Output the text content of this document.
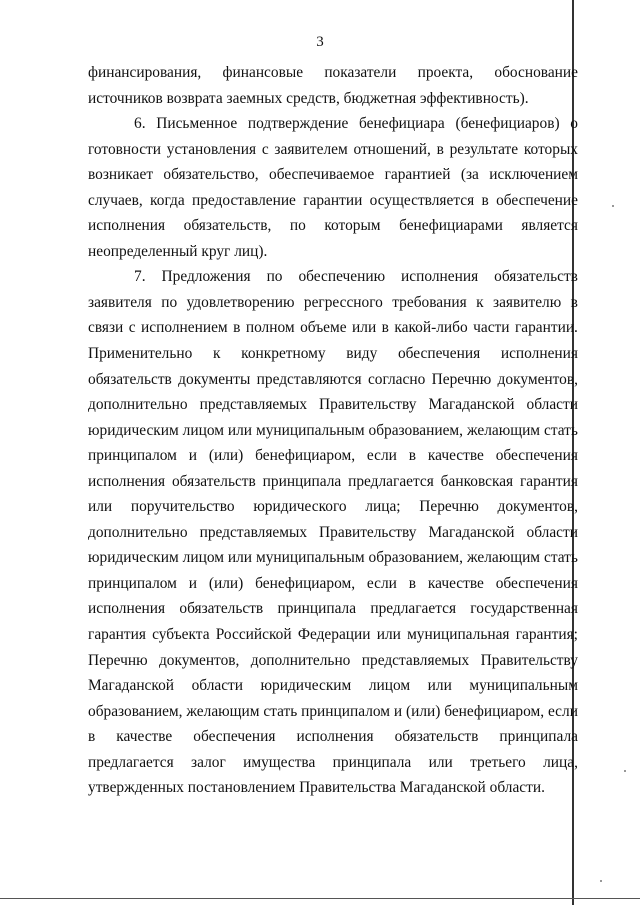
3
финансирования, финансовые показатели проекта, обоснование
источников возврата заемных средств, бюджетная эффективность).
6. Письменное подтверждение бенефициара (бенефициаров) о
готовности установления с заявителем отношений, в результате которых
возникает обязательство, обеспечиваемое гарантией (за исключением
случаев, когда предоставление гарантии осуществляется в обеспечение
исполнения обязательств, по которым бенефициарами является
неопределенный круг лиц).
7. Предложения по обеспечению исполнения обязательств
заявителя по удовлетворению регрессного требования к заявителю в
связи с исполнением в полном объеме или в какой-либо части гарантии.
Применительно к конкретному виду обеспечения исполнения
обязательств документы представляются согласно Перечню документов,
дополнительно представляемых Правительству Магаданской области
юридическим лицом или муниципальным образованием, желающим стать
принципалом и (или) бенефициаром, если в качестве обеспечения
исполнения обязательств принципала предлагается банковская гарантия
или поручительство юридического лица; Перечню документов,
дополнительно представляемых Правительству Магаданской области
юридическим лицом или муниципальным образованием, желающим стать
принципалом и (или) бенефициаром, если в качестве обеспечения
исполнения обязательств принципала предлагается государственная
гарантия субъекта Российской Федерации или муниципальная гарантия;
Перечню документов, дополнительно представляемых Правительству
Магаданской области юридическим лицом или муниципальным
образованием, желающим стать принципалом и (или) бенефициаром, если
в качестве обеспечения исполнения обязательств принципала
предлагается залог имущества принципала или третьего лица,
утвержденных постановлением Правительства Магаданской области.
